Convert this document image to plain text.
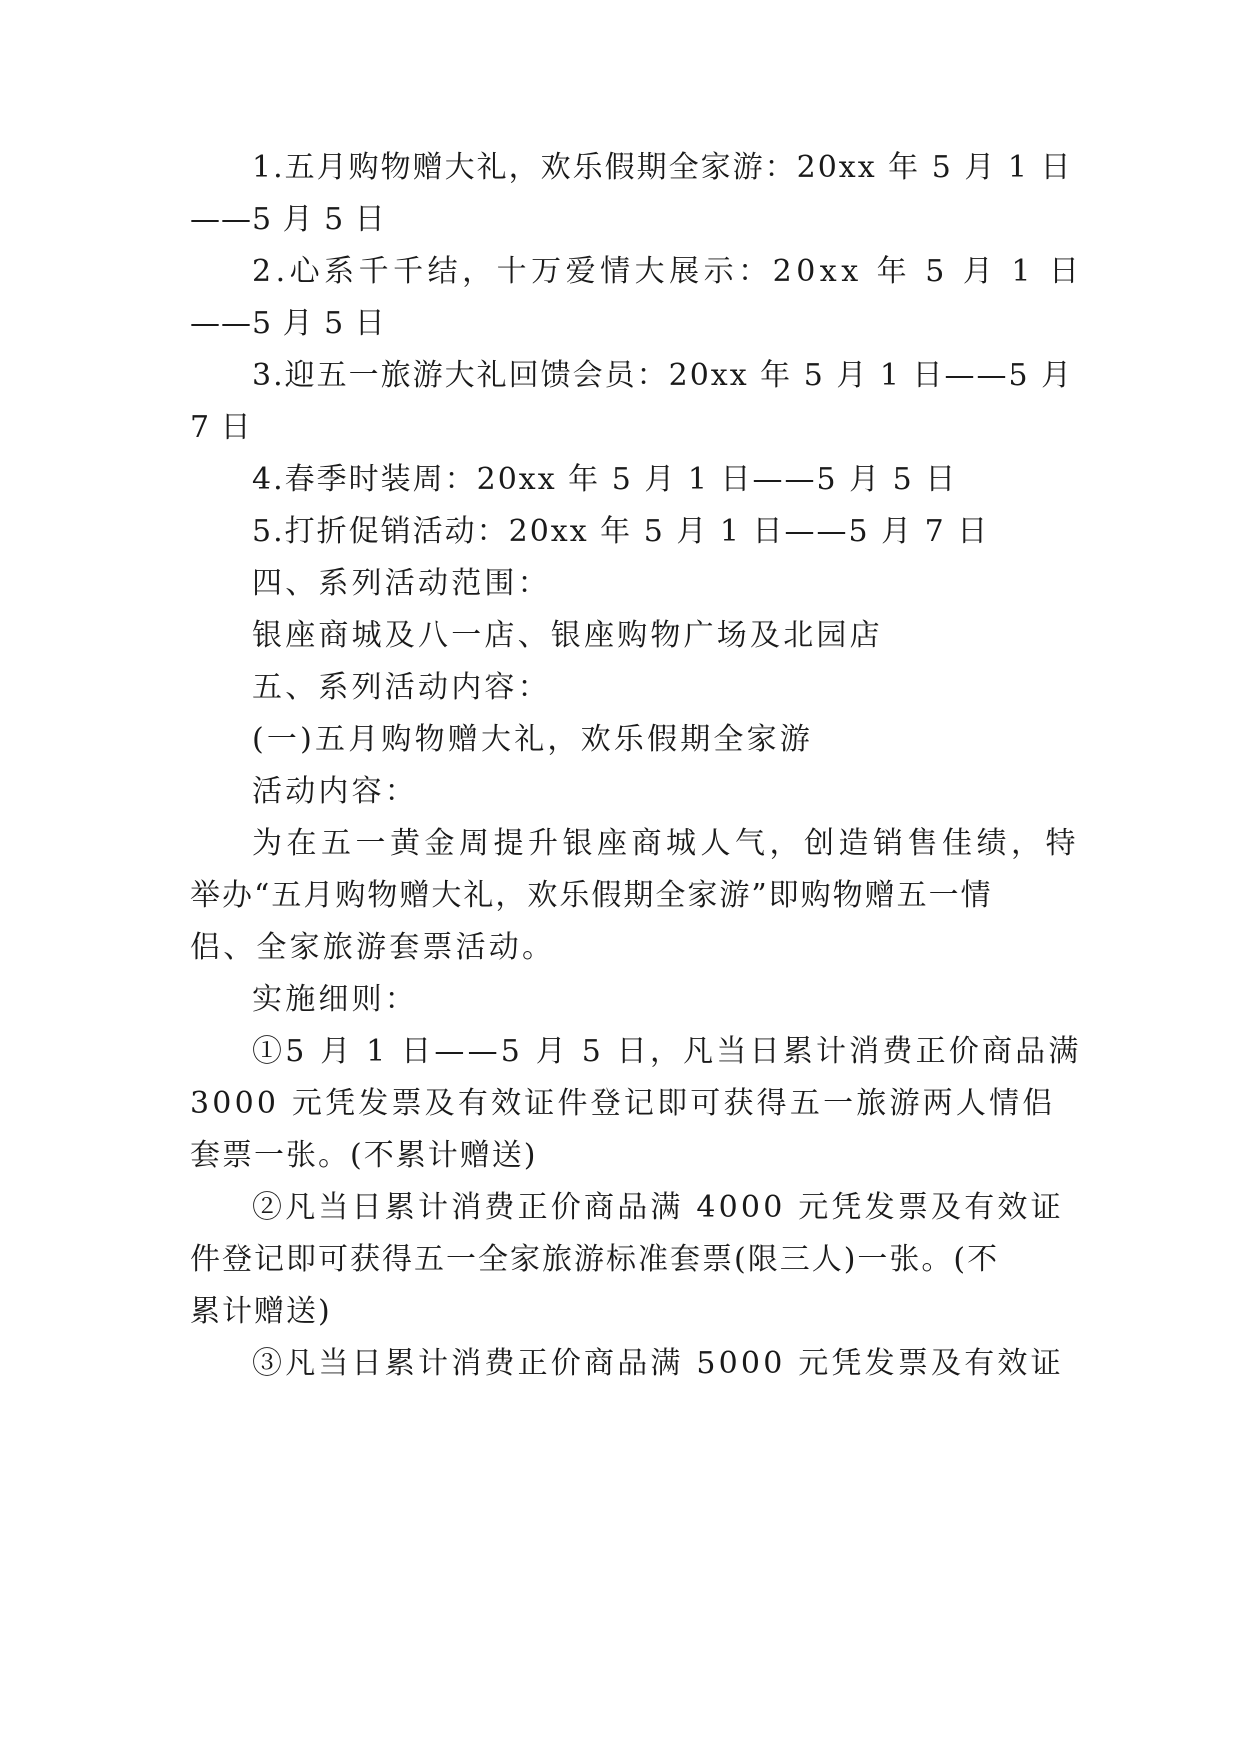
1.五月购物赠大礼，欢乐假期全家游：20xx 年 5 月 1 日
——5 月 5 日
2.心系千千结，十万爱情大展示：20xx 年 5 月 1 日
——5 月 5 日
3.迎五一旅游大礼回馈会员：20xx 年 5 月 1 日——5 月
7 日
4.春季时装周：20xx 年 5 月 1 日——5 月 5 日
5.打折促销活动：20xx 年 5 月 1 日——5 月 7 日
四、系列活动范围：
银座商城及八一店、银座购物广场及北园店
五、系列活动内容：
(一)五月购物赠大礼，欢乐假期全家游
活动内容：
为在五一黄金周提升银座商城人气，创造销售佳绩，特
举办“五月购物赠大礼，欢乐假期全家游”即购物赠五一情
侣、全家旅游套票活动。
实施细则：
①5 月 1 日——5 月 5 日，凡当日累计消费正价商品满
3000 元凭发票及有效证件登记即可获得五一旅游两人情侣
套票一张。(不累计赠送)
②凡当日累计消费正价商品满 4000 元凭发票及有效证
件登记即可获得五一全家旅游标准套票(限三人)一张。(不
累计赠送)
③凡当日累计消费正价商品满 5000 元凭发票及有效证
